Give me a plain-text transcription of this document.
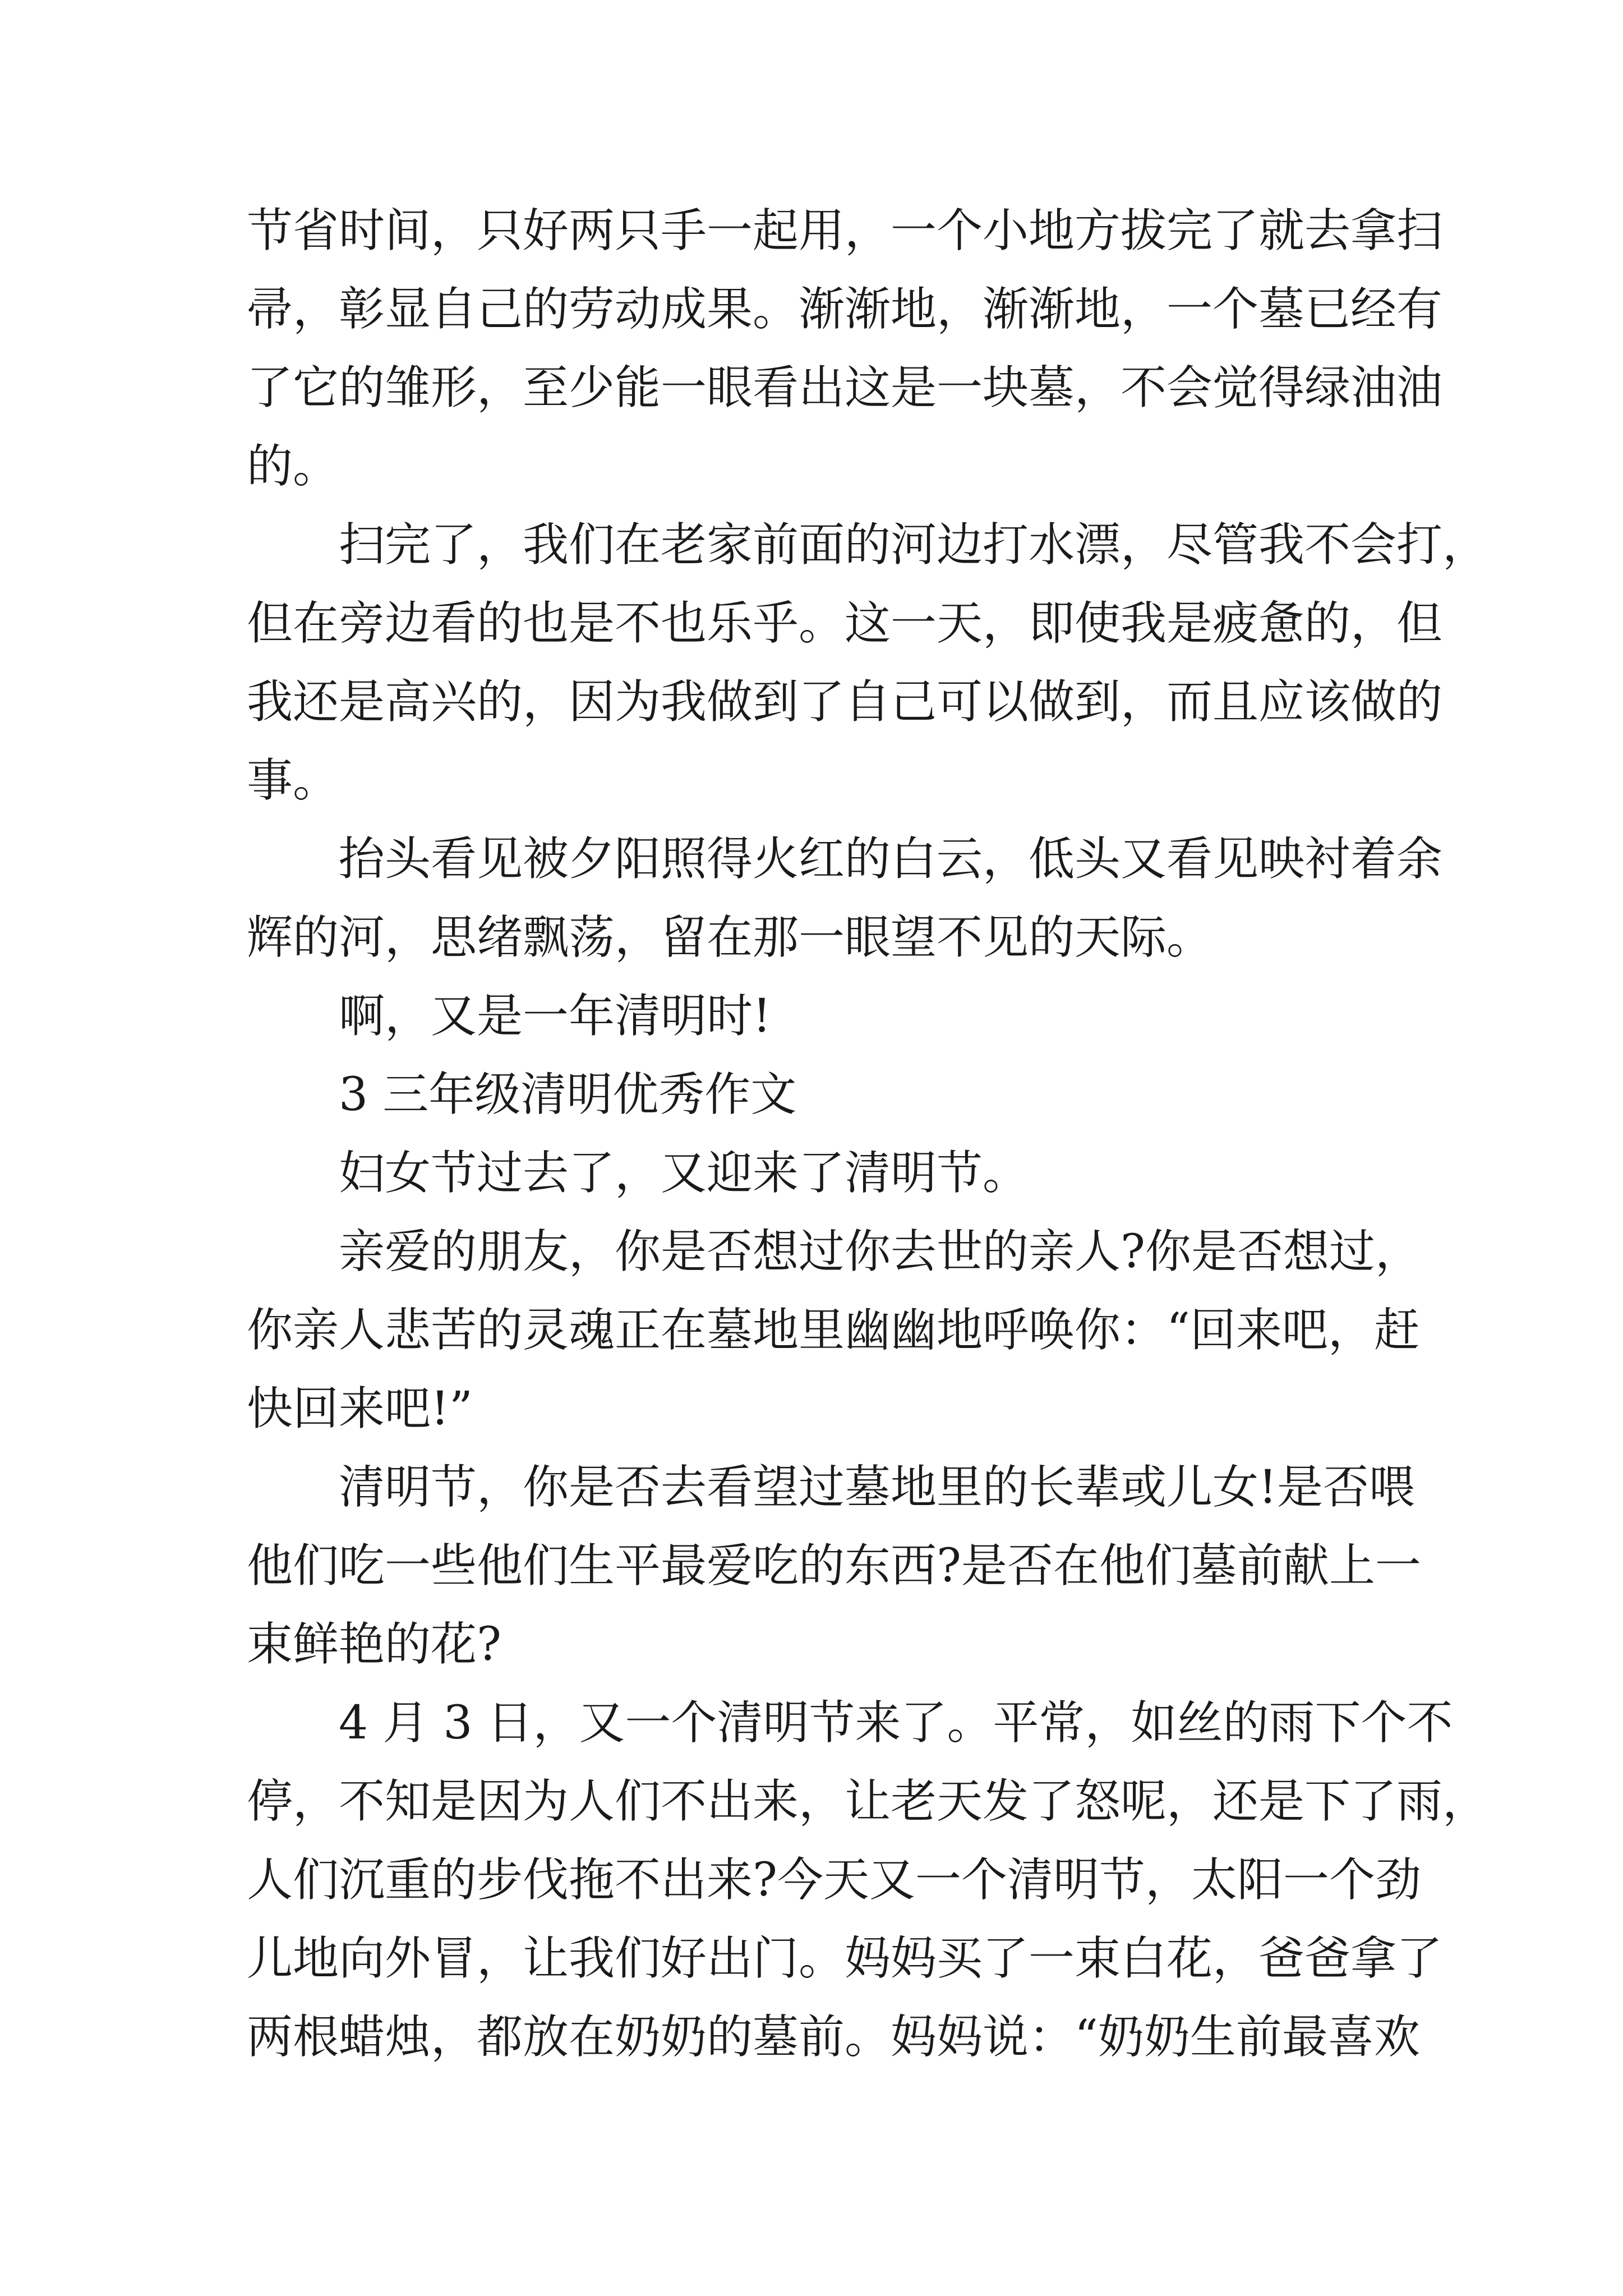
节省时间，只好两只手一起用，一个小地方拔完了就去拿扫
帚，彰显自己的劳动成果。渐渐地，渐渐地，一个墓已经有
了它的雏形，至少能一眼看出这是一块墓，不会觉得绿油油
的。
扫完了，我们在老家前面的河边打水漂，尽管我不会打，
但在旁边看的也是不也乐乎。这一天，即使我是疲惫的，但
我还是高兴的，因为我做到了自己可以做到，而且应该做的
事。
抬头看见被夕阳照得火红的白云，低头又看见映衬着余
辉的河，思绪飘荡，留在那一眼望不见的天际。
啊，又是一年清明时!
3 三年级清明优秀作文
妇女节过去了，又迎来了清明节。
亲爱的朋友，你是否想过你去世的亲人?你是否想过，
你亲人悲苦的灵魂正在墓地里幽幽地呼唤你：“回来吧，赶
快回来吧!”
清明节，你是否去看望过墓地里的长辈或儿女!是否喂
他们吃一些他们生平最爱吃的东西?是否在他们墓前献上一
束鲜艳的花?
4 月 3 日，又一个清明节来了。平常，如丝的雨下个不
停，不知是因为人们不出来，让老天发了怒呢，还是下了雨，
人们沉重的步伐拖不出来?今天又一个清明节，太阳一个劲
儿地向外冒，让我们好出门。妈妈买了一束白花，爸爸拿了
两根蜡烛，都放在奶奶的墓前。妈妈说：“奶奶生前最喜欢
